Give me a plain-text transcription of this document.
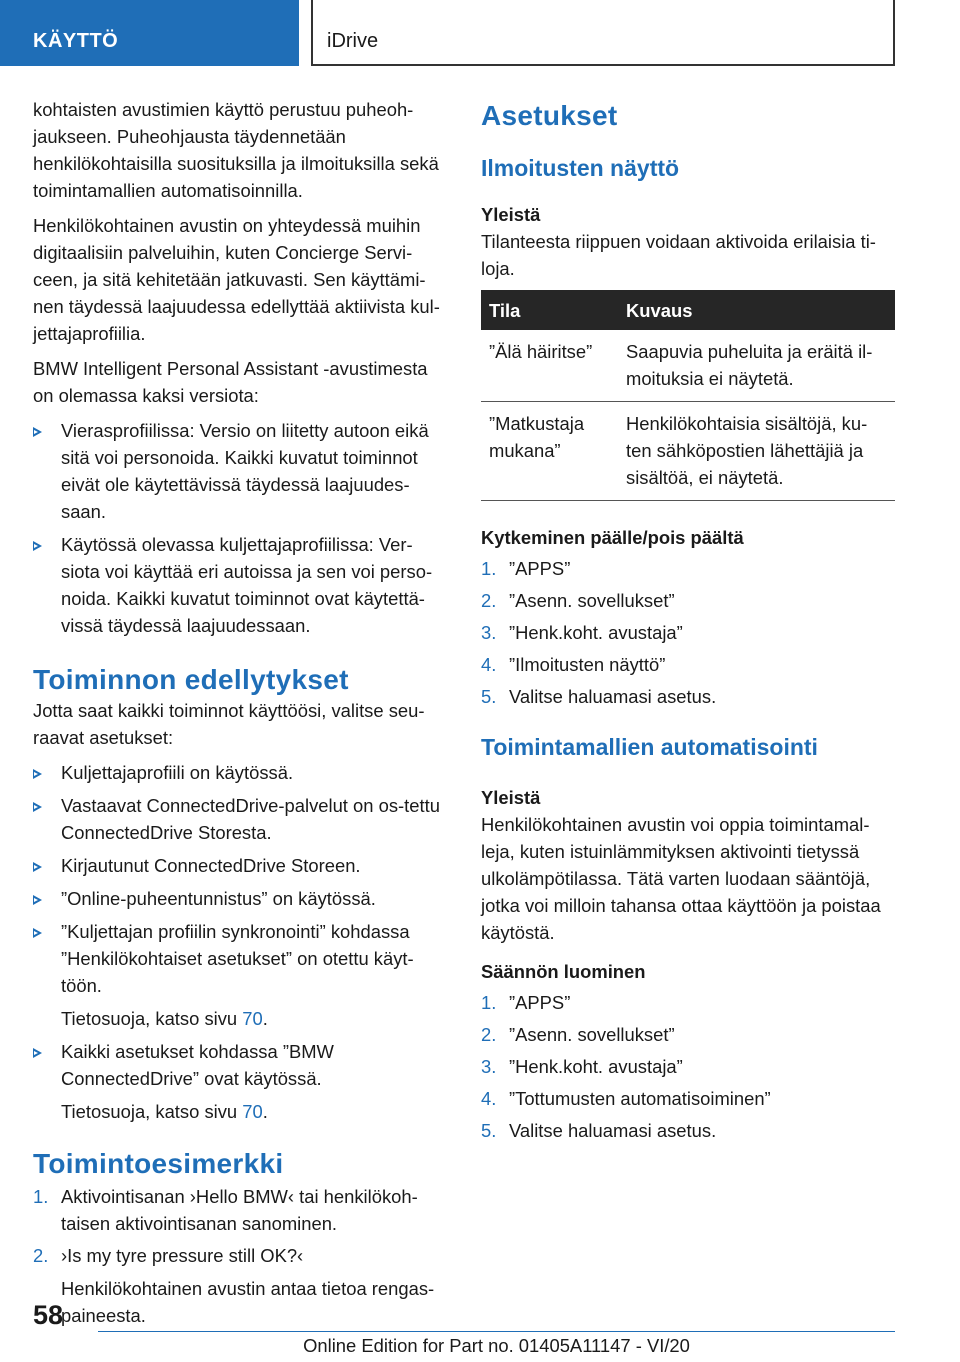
KÄYTTÖ	iDrive

kohtaisten avustimien käyttö perustuu puheoh-jaukseen. Puheohjausta täydennetään henkilökohtaisilla suosituksilla ja ilmoituksilla sekä toimintamallien automatisoinnilla.

Henkilökohtainen avustin on yhteydessä muihin digitaalisiin palveluihin, kuten Concierge Servi-ceen, ja sitä kehitetään jatkuvasti. Sen käyttämi-nen täydessä laajuudessa edellyttää aktiivista kul-jettajaprofiilia.

BMW Intelligent Personal Assistant ‑avustimesta on olemassa kaksi versiota:

Vierasprofiilissa: Versio on liitetty autoon eikä sitä voi personoida. Kaikki kuvatut toiminnot eivät ole käytettävissä täydessä laajuudes-saan.
Käytössä olevassa kuljettajaprofiilissa: Ver-siota voi käyttää eri autoissa ja sen voi perso-noida. Kaikki kuvatut toiminnot ovat käytettä-vissä täydessä laajuudessaan.
Toiminnon edellytykset

Jotta saat kaikki toiminnot käyttöösi, valitse seu-raavat asetukset:

Kuljettajaprofiili on käytössä.
Vastaavat ConnectedDrive-palvelut on os-tettu ConnectedDrive Storesta.
Kirjautunut ConnectedDrive Storeen.
”Online-puheentunnistus” on käytössä.
”Kuljettajan profiilin synkronointi” kohdassa ”Henkilökohtaiset asetukset” on otettu käyt-töön.
Tietosuoja, katso sivu 70.
Kaikki asetukset kohdassa ”BMW ConnectedDrive” ovat käytössä.
Tietosuoja, katso sivu 70.
Toimintoesimerkki
1. Aktivointisanan ›Hello BMW‹ tai henkilökoh-taisen aktivointisanan sanominen.
2. ›Is my tyre pressure still OK?‹
Henkilökohtainen avustin antaa tietoa rengas-paineesta.
Asetukset
Ilmoitusten näyttö
Yleistä

Tilanteesta riippuen voidaan aktivoida erilaisia ti-loja.

Tila	Kuvaus
”Älä häiritse”	Saapuvia puheluita ja eräitä il-moituksia ei näytetä.
”Matkustaja mukana”	Henkilökohtaisia sisältöjä, ku-ten sähköpostien lähettäjiä ja sisältöä, ei näytetä.
Kytkeminen päälle/pois päältä
1. ”APPS”
2. ”Asenn. sovellukset”
3. ”Henk.koht. avustaja”
4. ”Ilmoitusten näyttö”
5. Valitse haluamasi asetus.
Toimintamallien automatisointi
Yleistä

Henkilökohtainen avustin voi oppia toimintamal-leja, kuten istuinlämmityksen aktivointi tietyssä ulkolämpötilassa. Tätä varten luodaan sääntöjä, jotka voi milloin tahansa ottaa käyttöön ja poistaa käytöstä.

Säännön luominen
1. ”APPS”
2. ”Asenn. sovellukset”
3. ”Henk.koht. avustaja”
4. ”Tottumusten automatisoiminen”
5. Valitse haluamasi asetus.
58
Online Edition for Part no. 01405A11147 - VI/20
